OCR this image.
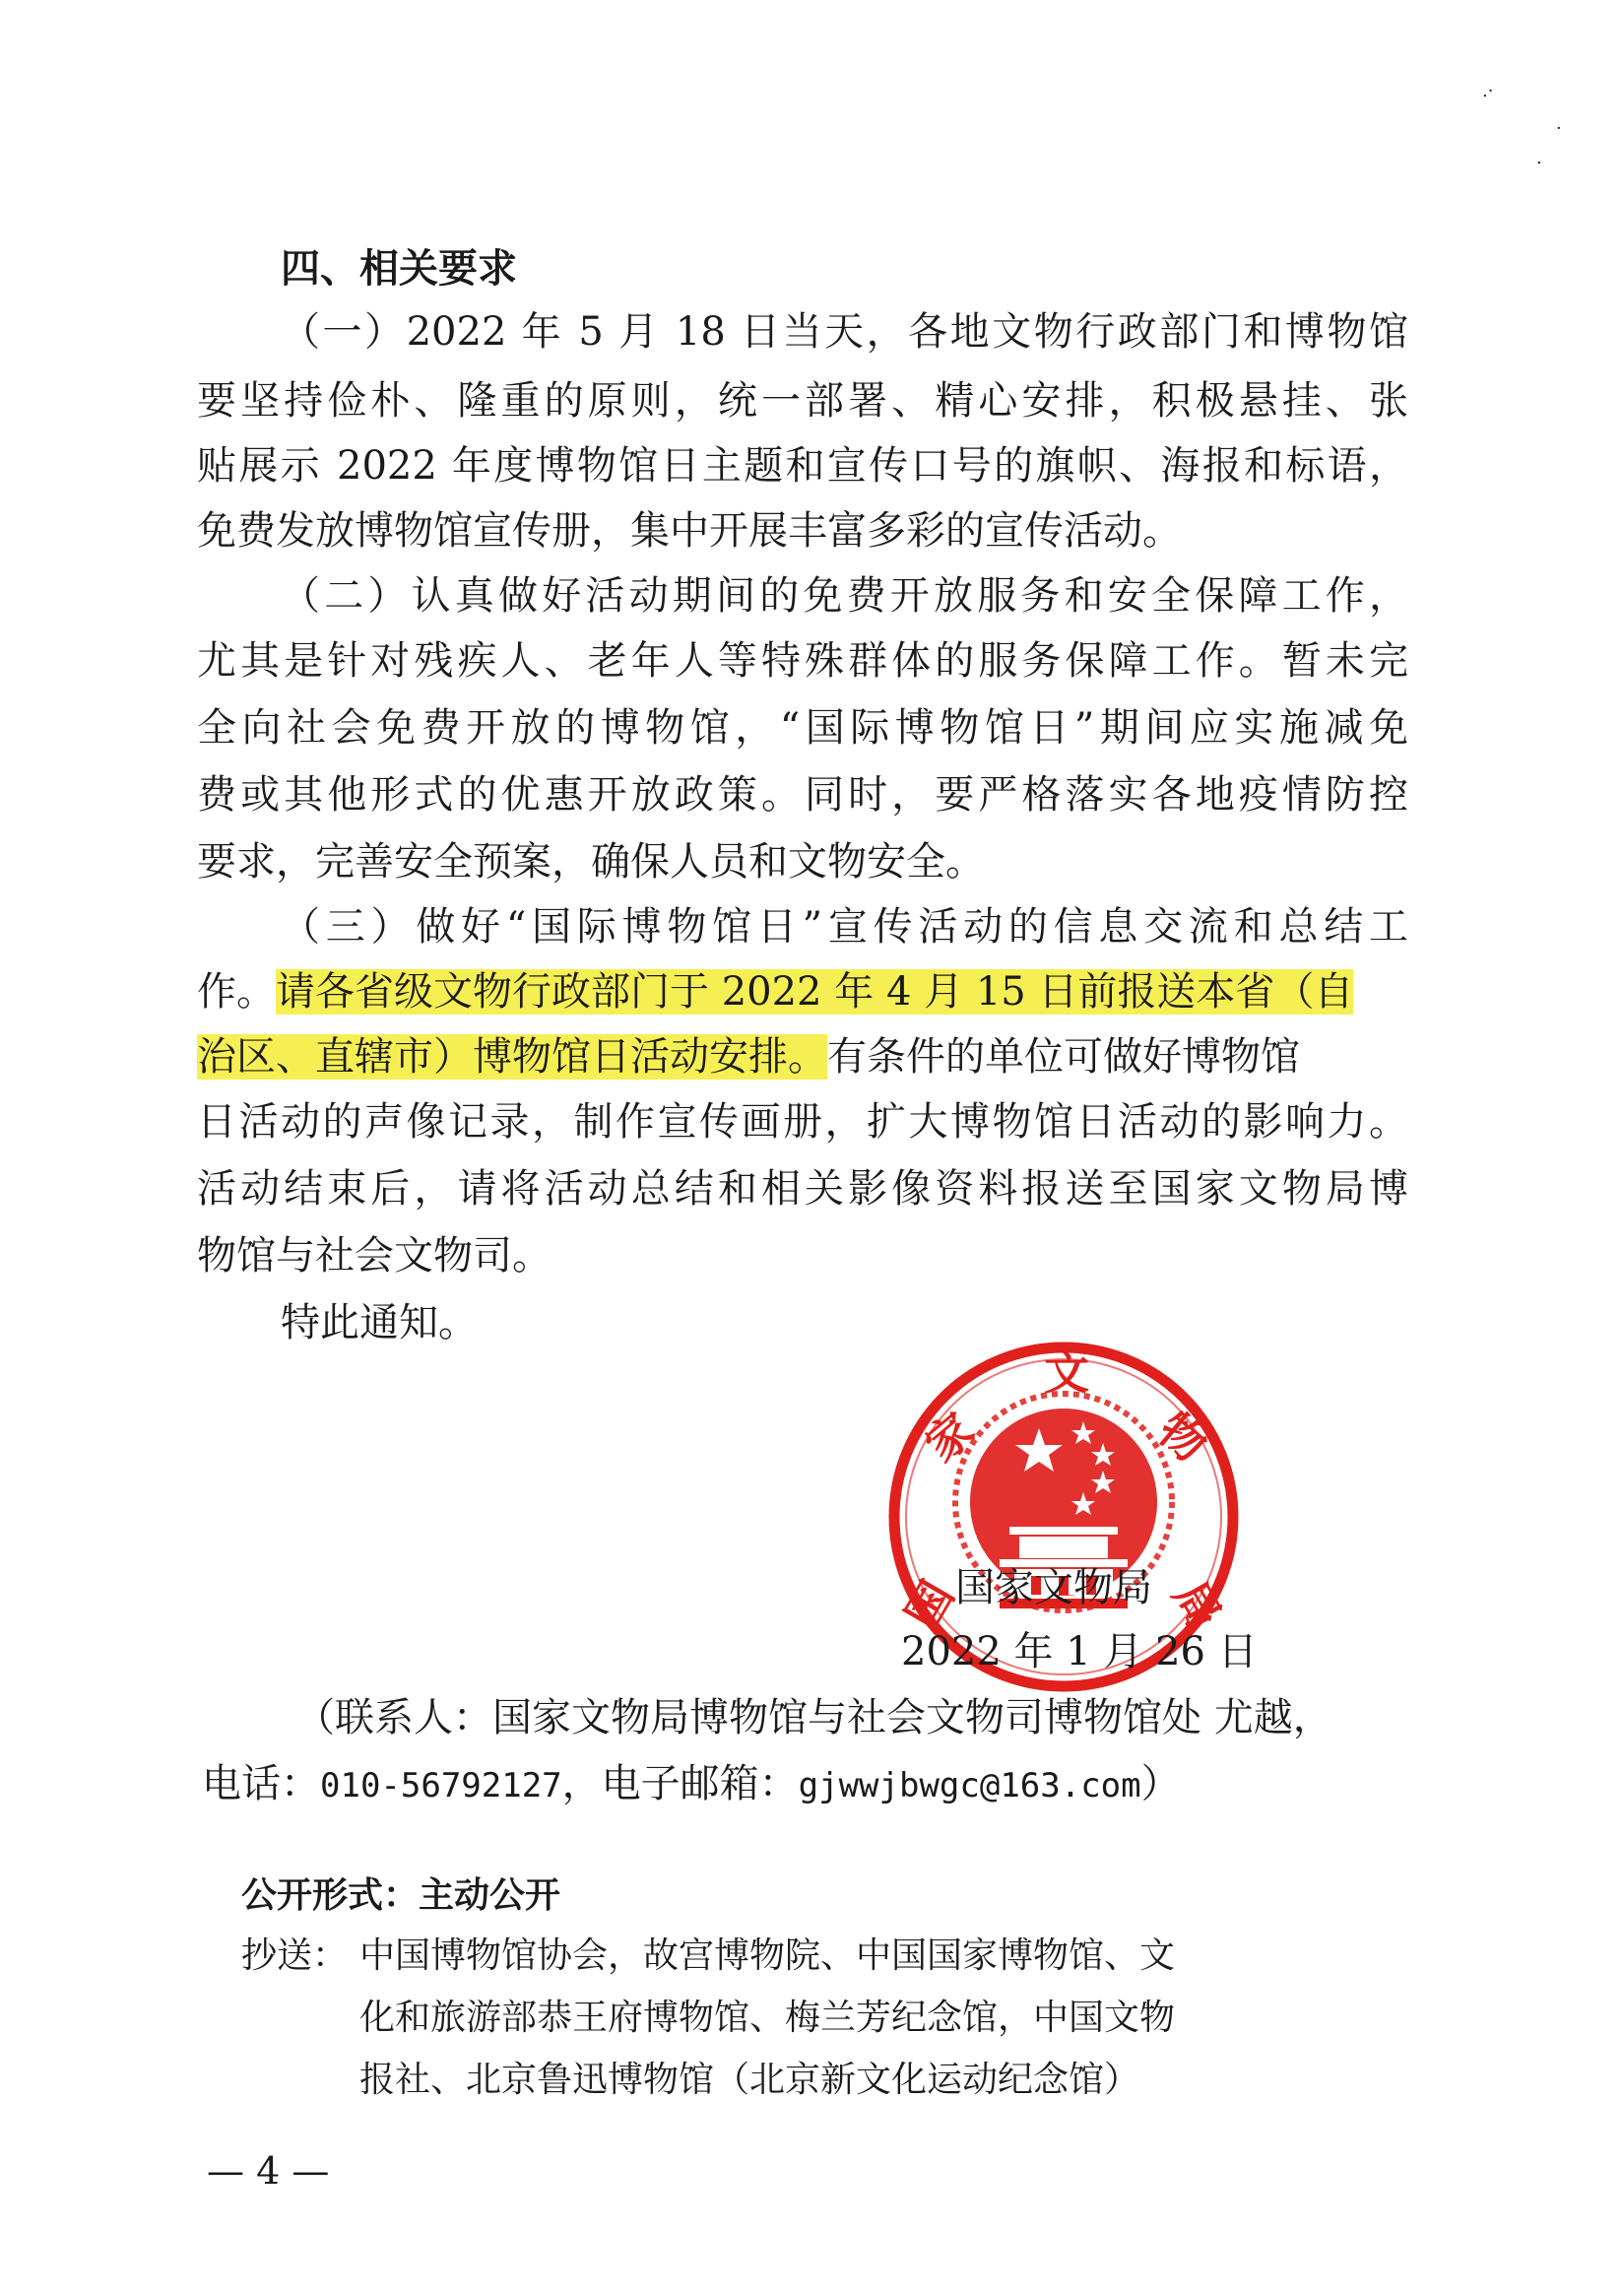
.·
·
.
四、相关要求
（一）2022 年 5 月 18 日当天，各地文物行政部门和博物馆
要坚持俭朴、隆重的原则，统一部署、精心安排，积极悬挂、张
贴展示 2022 年度博物馆日主题和宣传口号的旗帜、海报和标语，
免费发放博物馆宣传册，集中开展丰富多彩的宣传活动。
（二）认真做好活动期间的免费开放服务和安全保障工作，
尤其是针对残疾人、老年人等特殊群体的服务保障工作。暂未完
全向社会免费开放的博物馆，“国际博物馆日”期间应实施减免
费或其他形式的优惠开放政策。同时，要严格落实各地疫情防控
要求，完善安全预案，确保人员和文物安全。
（三）做好“国际博物馆日”宣传活动的信息交流和总结工
作。请各省级文物行政部门于 2022 年 4 月 15 日前报送本省（自
治区、直辖市）博物馆日活动安排。有条件的单位可做好博物馆
日活动的声像记录，制作宣传画册，扩大博物馆日活动的影响力。
活动结束后，请将活动总结和相关影像资料报送至国家文物局博
物馆与社会文物司。
特此通知。
国
家
文
物
局
国家文物局
2022 年 1 月 26 日
（联系人：国家文物局博物馆与社会文物司博物馆处 尤越，
电话：010-56792127，电子邮箱：gjwwjbwgc@163.com）
公开形式：主动公开
抄送： 中国博物馆协会，故宫博物院、中国国家博物馆、文
化和旅游部恭王府博物馆、梅兰芳纪念馆，中国文物
报社、北京鲁迅博物馆（北京新文化运动纪念馆）
— 4 —
